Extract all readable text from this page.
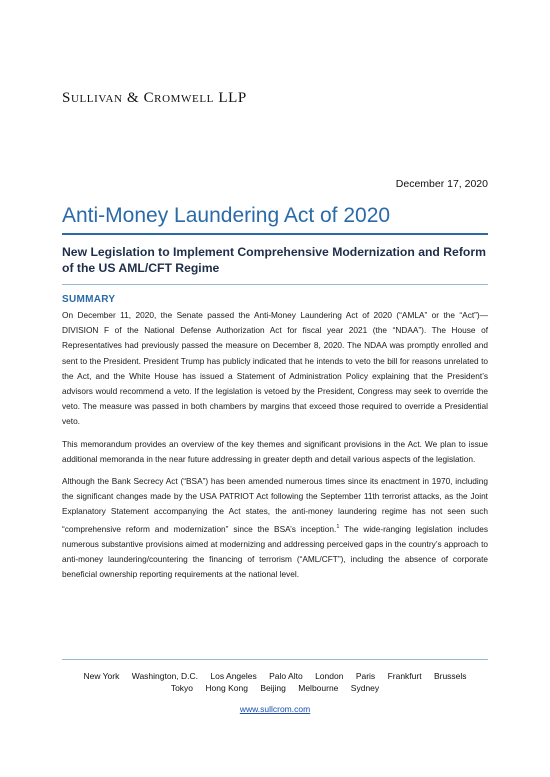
Sullivan & Cromwell LLP
December 17, 2020
Anti-Money Laundering Act of 2020
New Legislation to Implement Comprehensive Modernization and Reform of the US AML/CFT Regime
SUMMARY

On December 11, 2020, the Senate passed the Anti-Money Laundering Act of 2020 (“AMLA” or the “Act”)—DIVISION F of the National Defense Authorization Act for fiscal year 2021 (the “NDAA”). The House of Representatives had previously passed the measure on December 8, 2020. The NDAA was promptly enrolled and sent to the President. President Trump has publicly indicated that he intends to veto the bill for reasons unrelated to the Act, and the White House has issued a Statement of Administration Policy explaining that the President’s advisors would recommend a veto. If the legislation is vetoed by the President, Congress may seek to override the veto. The measure was passed in both chambers by margins that exceed those required to override a Presidential veto.

This memorandum provides an overview of the key themes and significant provisions in the Act. We plan to issue additional memoranda in the near future addressing in greater depth and detail various aspects of the legislation.

Although the Bank Secrecy Act (“BSA”) has been amended numerous times since its enactment in 1970, including the significant changes made by the USA PATRIOT Act following the September 11th terrorist attacks, as the Joint Explanatory Statement accompanying the Act states, the anti-money laundering regime has not seen such “comprehensive reform and modernization” since the BSA’s inception.$^1$ The wide-ranging legislation includes numerous substantive provisions aimed at modernizing and addressing perceived gaps in the country’s approach to anti-money laundering/countering the financing of terrorism (“AML/CFT”), including the absence of corporate beneficial ownership reporting requirements at the national level.

New York Washington, D.C. Los Angeles Palo Alto London Paris Frankfurt Brussels
Tokyo Hong Kong Beijing Melbourne Sydney
www.sullcrom.com
